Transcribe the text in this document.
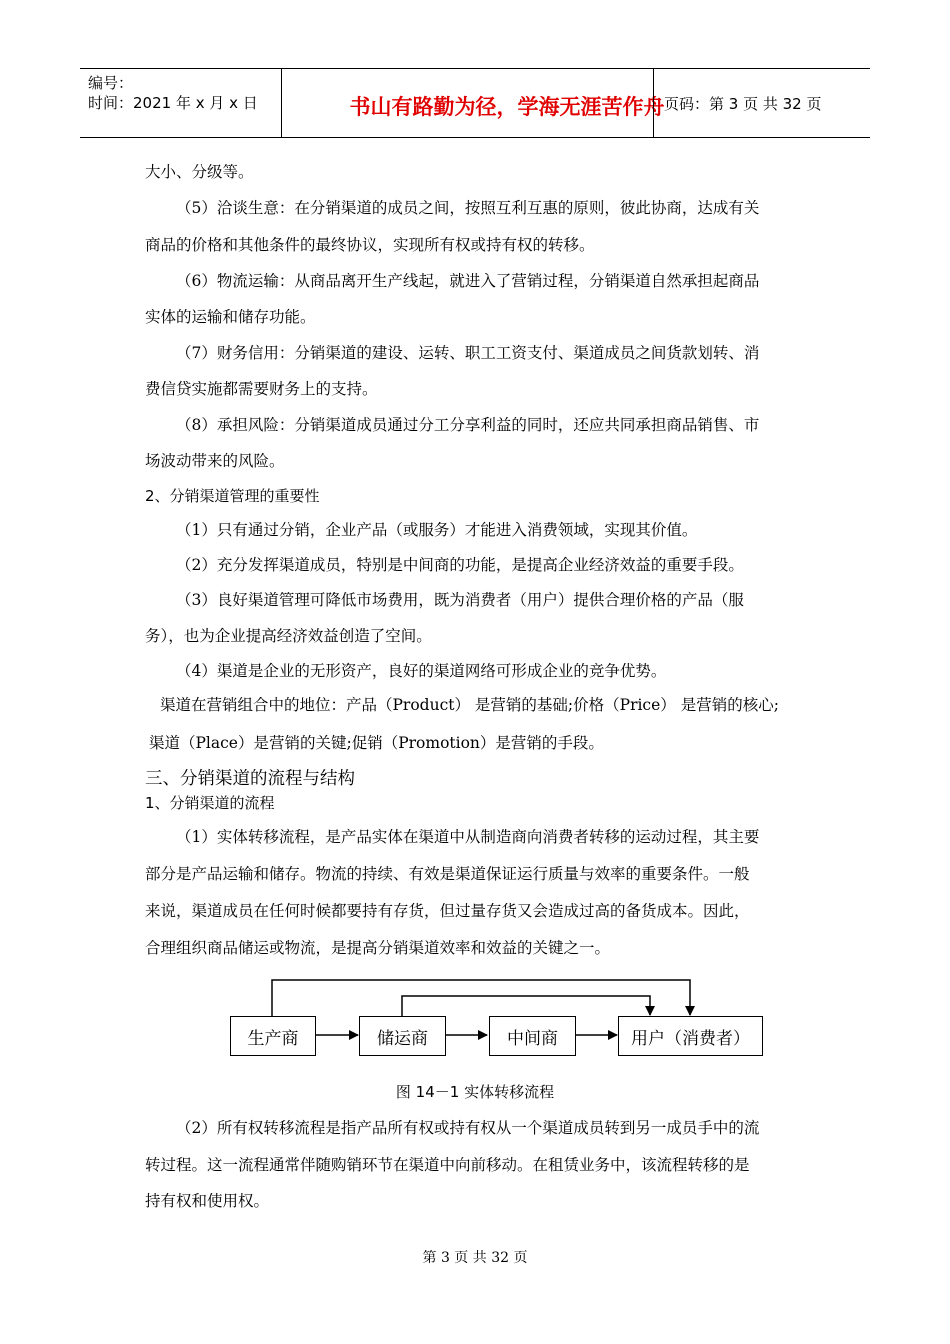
编号：
时间：2021 年 x 月 x 日	书山有路勤为径，学海无涯苦作舟 页码：第 3 页 共 32 页
大小、分级等。
（5）洽谈生意：在分销渠道的成员之间，按照互利互惠的原则，彼此协商，达成有关
商品的价格和其他条件的最终协议，实现所有权或持有权的转移。
（6）物流运输：从商品离开生产线起，就进入了营销过程，分销渠道自然承担起商品
实体的运输和储存功能。
（7）财务信用：分销渠道的建设、运转、职工工资支付、渠道成员之间货款划转、消
费信贷实施都需要财务上的支持。
（8）承担风险：分销渠道成员通过分工分享利益的同时，还应共同承担商品销售、市
场波动带来的风险。
2、分销渠道管理的重要性
（1）只有通过分销，企业产品（或服务）才能进入消费领域，实现其价值。
（2）充分发挥渠道成员，特别是中间商的功能，是提高企业经济效益的重要手段。
（3）良好渠道管理可降低市场费用，既为消费者（用户）提供合理价格的产品（服
务），也为企业提高经济效益创造了空间。
（4）渠道是企业的无形资产，良好的渠道网络可形成企业的竞争优势。
渠道在营销组合中的地位：产品（Product） 是营销的基础;价格（Price） 是营销的核心;
渠道（Place）是营销的关键;促销（Promotion）是营销的手段。
三、分销渠道的流程与结构
1、分销渠道的流程
（1）实体转移流程，是产品实体在渠道中从制造商向消费者转移的运动过程，其主要
部分是产品运输和储存。物流的持续、有效是渠道保证运行质量与效率的重要条件。一般
来说，渠道成员在任何时候都要持有存货，但过量存货又会造成过高的备货成本。因此，
合理组织商品储运或物流，是提高分销渠道效率和效益的关键之一。
生产商	储运商	中间商	用户（消费者）
图 14－1 实体转移流程
（2）所有权转移流程是指产品所有权或持有权从一个渠道成员转到另一成员手中的流
转过程。这一流程通常伴随购销环节在渠道中向前移动。在租赁业务中，该流程转移的是
持有权和使用权。
第 3 页 共 32 页
